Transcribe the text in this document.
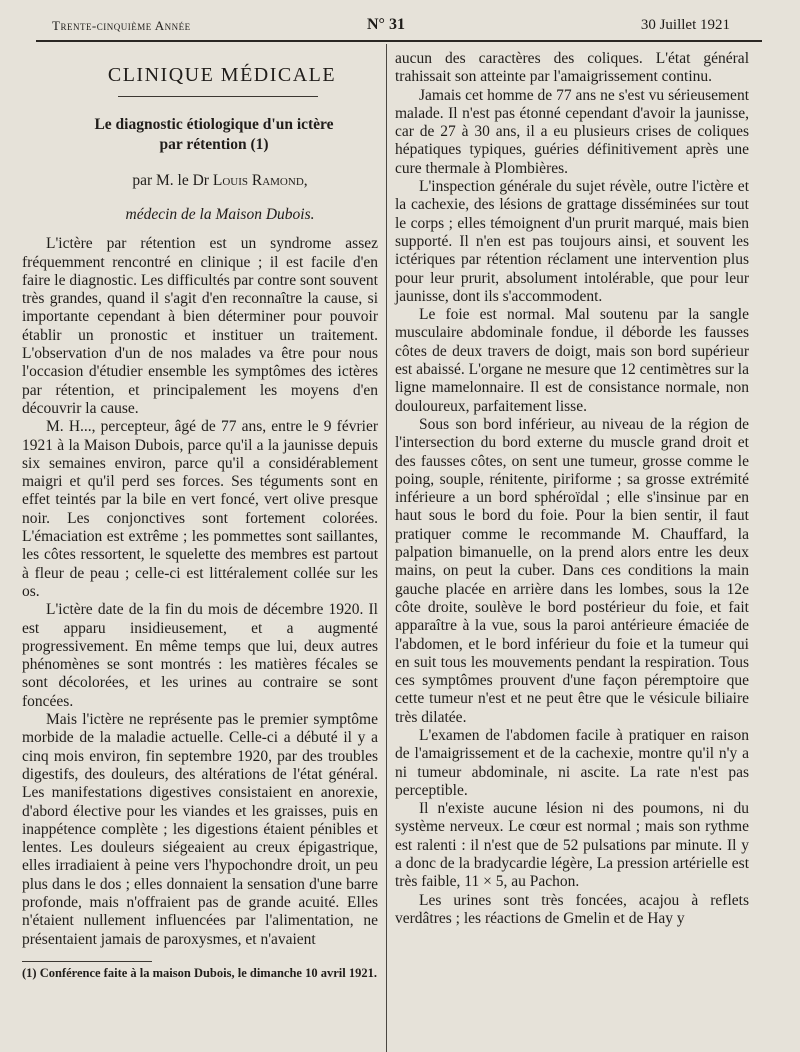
Trente-cinquième Année	N° 31	30 Juillet 1921
CLINIQUE MÉDICALE
Le diagnostic étiologique d'un ictère
par rétention (1)
par M. le Dr Louis Ramond,
médecin de la Maison Dubois.

L'ictère par rétention est un syndrome assez fréquemment rencontré en clinique ; il est facile d'en faire le diagnostic. Les difficultés par contre sont souvent très grandes, quand il s'agit d'en reconnaître la cause, si importante cependant à bien déterminer pour pouvoir établir un pronostic et instituer un traitement. L'observation d'un de nos malades va être pour nous l'occasion d'étudier ensemble les symptômes des ictères par rétention, et principalement les moyens d'en découvrir la cause.

M. H..., percepteur, âgé de 77 ans, entre le 9 février 1921 à la Maison Dubois, parce qu'il a la jaunisse depuis six semaines environ, parce qu'il a considérablement maigri et qu'il perd ses forces. Ses téguments sont en effet teintés par la bile en vert foncé, vert olive presque noir. Les conjonctives sont fortement colorées. L'émaciation est extrême ; les pommettes sont saillantes, les côtes ressortent, le squelette des membres est partout à fleur de peau ; celle-ci est littéralement collée sur les os.

L'ictère date de la fin du mois de décembre 1920. Il est apparu insidieusement, et a augmenté progressivement. En même temps que lui, deux autres phénomènes se sont montrés : les matières fécales se sont décolorées, et les urines au contraire se sont foncées.

Mais l'ictère ne représente pas le premier symptôme morbide de la maladie actuelle. Celle-ci a débuté il y a cinq mois environ, fin septembre 1920, par des troubles digestifs, des douleurs, des altérations de l'état général. Les manifestations digestives consistaient en anorexie, d'abord élective pour les viandes et les graisses, puis en inappétence complète ; les digestions étaient pénibles et lentes. Les douleurs siégeaient au creux épigastrique, elles irradiaient à peine vers l'hypochondre droit, un peu plus dans le dos ; elles donnaient la sensation d'une barre profonde, mais n'offraient pas de grande acuité. Elles n'étaient nullement influencées par l'alimentation, ne présentaient jamais de paroxysmes, et n'avaient

(1) Conférence faite à la maison Dubois, le dimanche 10 avril 1921.

aucun des caractères des coliques. L'état général trahissait son atteinte par l'amaigrissement continu.

Jamais cet homme de 77 ans ne s'est vu sérieusement malade. Il n'est pas étonné cependant d'avoir la jaunisse, car de 27 à 30 ans, il a eu plusieurs crises de coliques hépatiques typiques, guéries définitivement après une cure thermale à Plombières.

L'inspection générale du sujet révèle, outre l'ictère et la cachexie, des lésions de grattage disséminées sur tout le corps ; elles témoignent d'un prurit marqué, mais bien supporté. Il n'en est pas toujours ainsi, et souvent les ictériques par rétention réclament une intervention plus pour leur prurit, absolument intolérable, que pour leur jaunisse, dont ils s'accommodent.

Le foie est normal. Mal soutenu par la sangle musculaire abdominale fondue, il déborde les fausses côtes de deux travers de doigt, mais son bord supérieur est abaissé. L'organe ne mesure que 12 centimètres sur la ligne mamelonnaire. Il est de consistance normale, non douloureux, parfaitement lisse.

Sous son bord inférieur, au niveau de la région de l'intersection du bord externe du muscle grand droit et des fausses côtes, on sent une tumeur, grosse comme le poing, souple, rénitente, piriforme ; sa grosse extrémité inférieure a un bord sphéroïdal ; elle s'insinue par en haut sous le bord du foie. Pour la bien sentir, il faut pratiquer comme le recommande M. Chauffard, la palpation bimanuelle, on la prend alors entre les deux mains, on peut la cuber. Dans ces conditions la main gauche placée en arrière dans les lombes, sous la 12e côte droite, soulève le bord postérieur du foie, et fait apparaître à la vue, sous la paroi antérieure émaciée de l'abdomen, et le bord inférieur du foie et la tumeur qui en suit tous les mouvements pendant la respiration. Tous ces symptômes prouvent d'une façon péremptoire que cette tumeur n'est et ne peut être que le vésicule biliaire très dilatée.

L'examen de l'abdomen facile à pratiquer en raison de l'amaigrissement et de la cachexie, montre qu'il n'y a ni tumeur abdominale, ni ascite. La rate n'est pas perceptible.

Il n'existe aucune lésion ni des poumons, ni du système nerveux. Le cœur est normal ; mais son rythme est ralenti : il n'est que de 52 pulsations par minute. Il y a donc de la bradycardie légère, La pression artérielle est très faible, 11 × 5, au Pachon.

Les urines sont très foncées, acajou à reflets verdâtres ; les réactions de Gmelin et de Hay y
